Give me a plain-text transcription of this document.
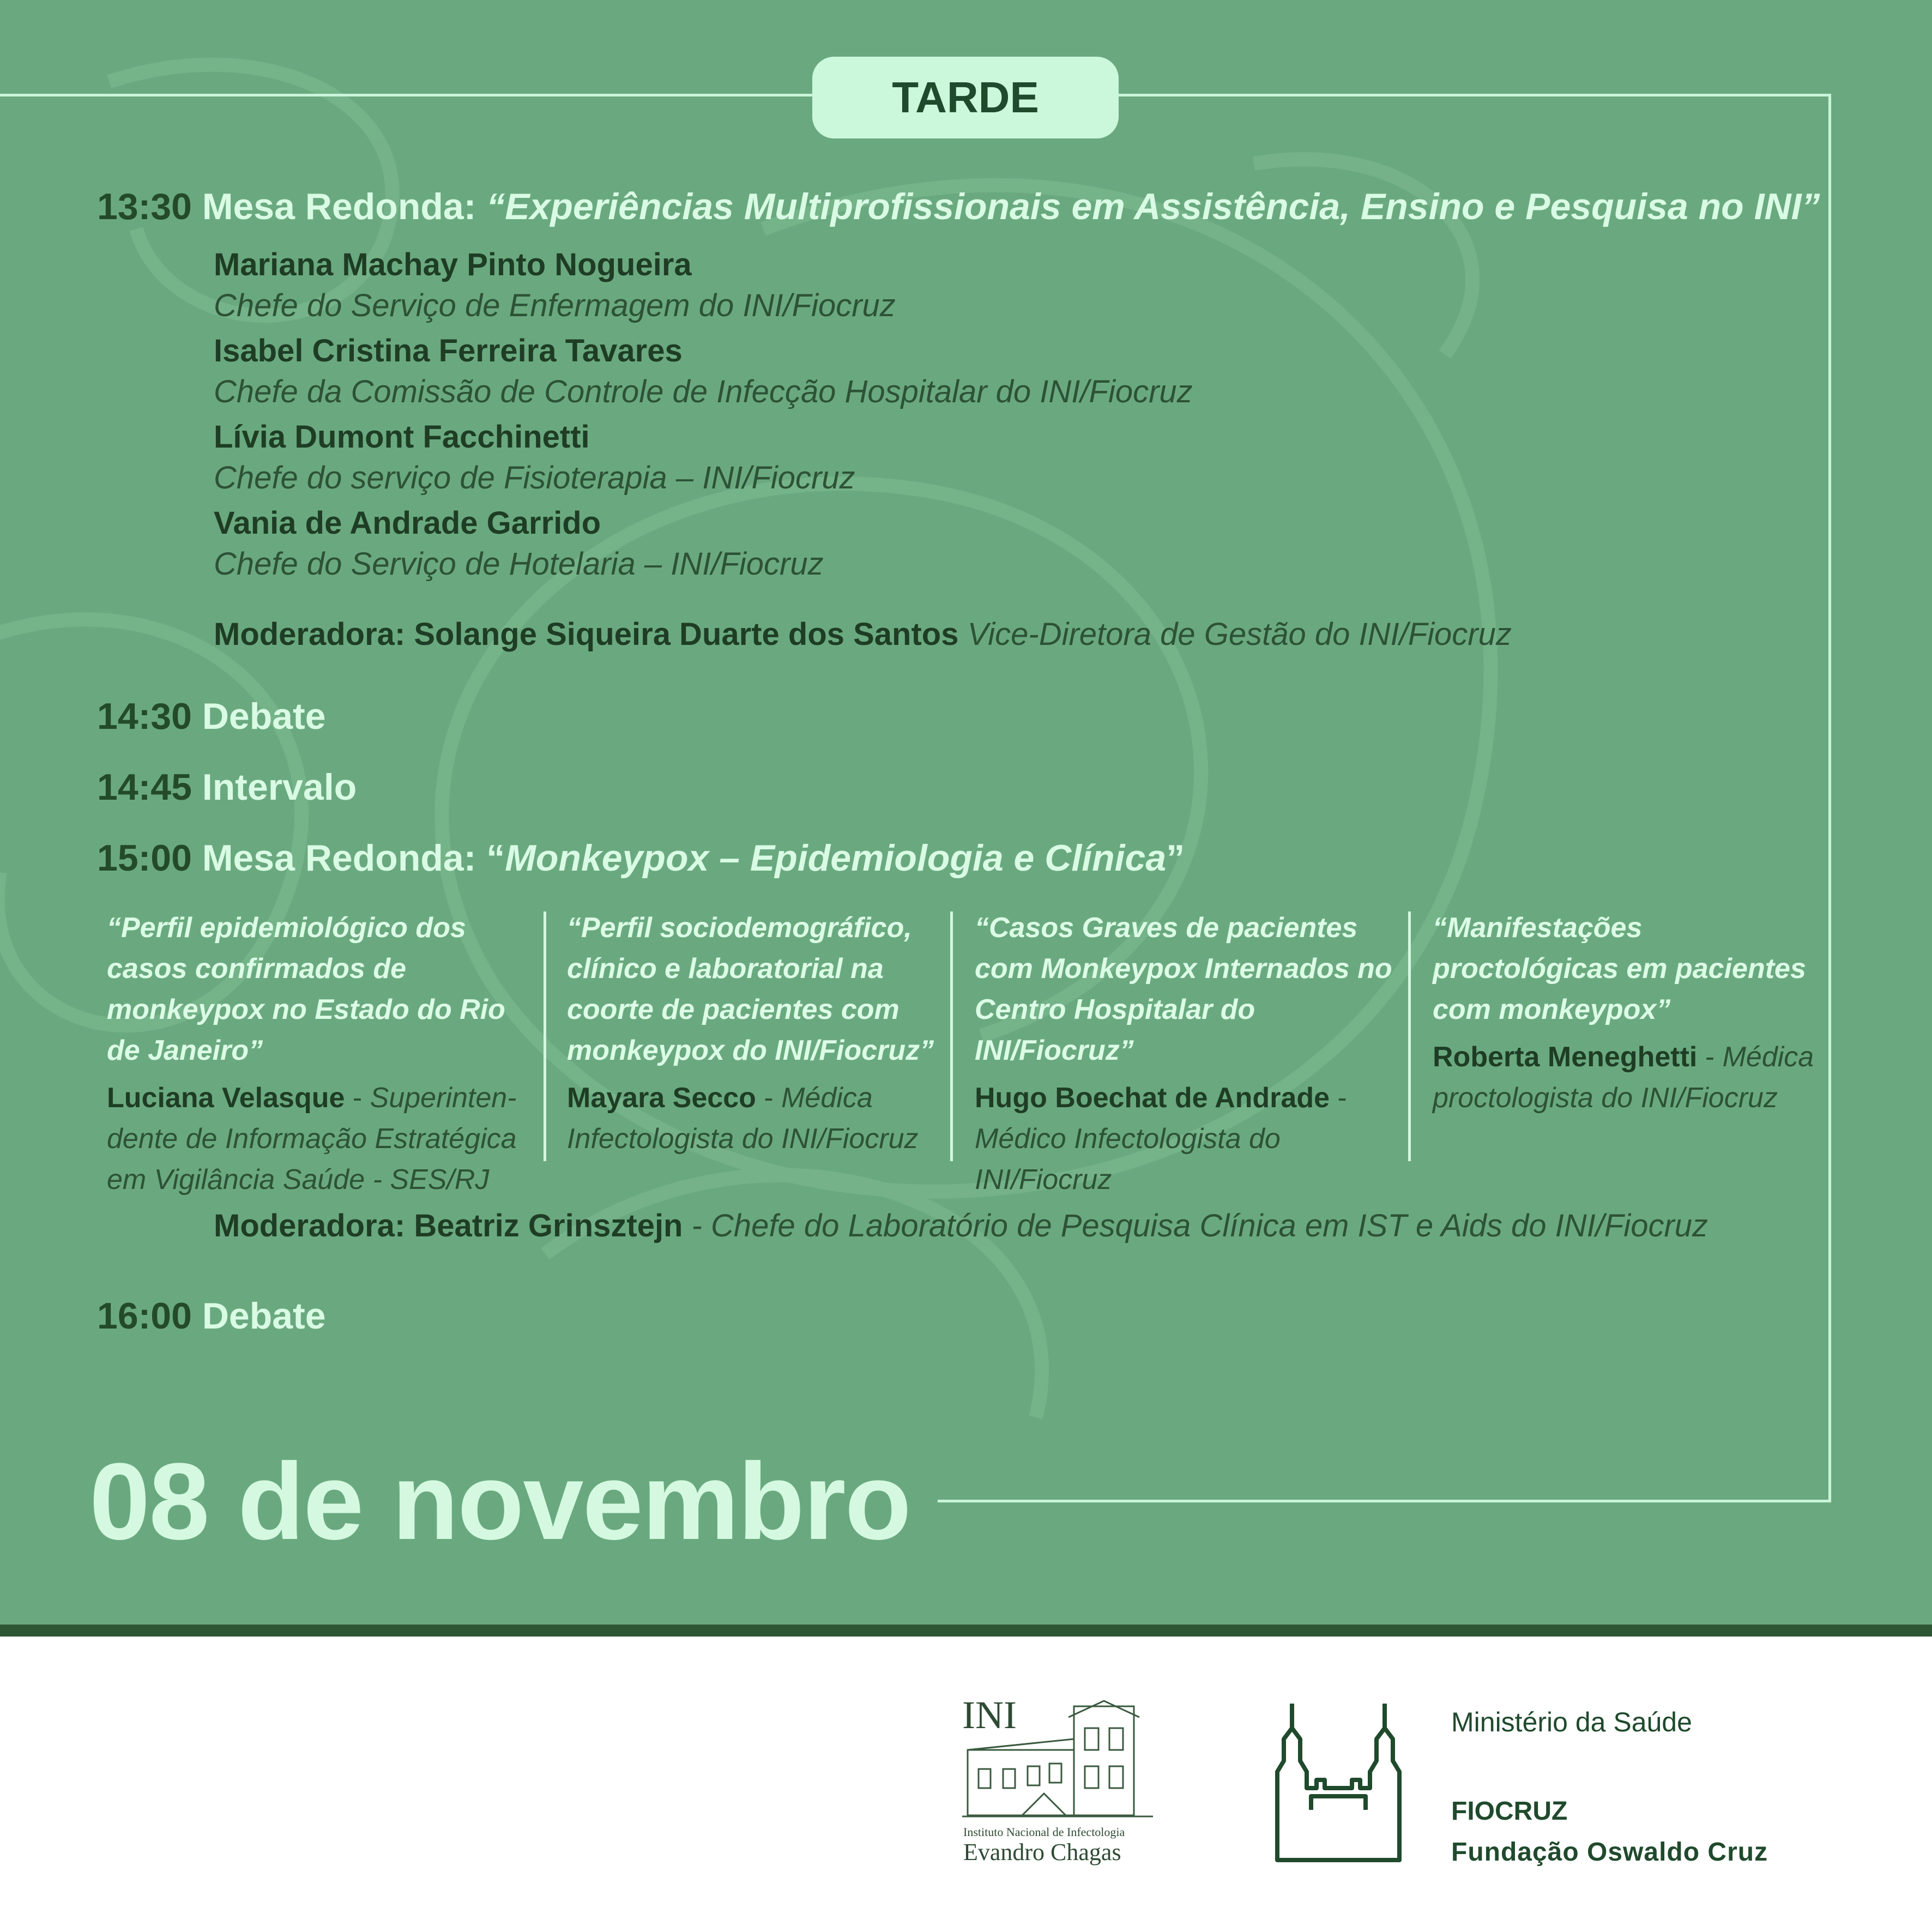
TARDE
13:30 Mesa Redonda: “Experiências Multiprofissionais em Assistência, Ensino e Pesquisa no INI”
Mariana Machay Pinto Nogueira
Chefe do Serviço de Enfermagem do INI/Fiocruz
Isabel Cristina Ferreira Tavares
Chefe da Comissão de Controle de Infecção Hospitalar do INI/Fiocruz
Lívia Dumont Facchinetti
Chefe do serviço de Fisioterapia – INI/Fiocruz
Vania de Andrade Garrido
Chefe do Serviço de Hotelaria – INI/Fiocruz
Moderadora: Solange Siqueira Duarte dos Santos Vice-Diretora de Gestão do INI/Fiocruz
14:30 Debate
14:45 Intervalo
15:00 Mesa Redonda: “Monkeypox – Epidemiologia e Clínica”
“Perfil epidemiológico dos casos confirmados de monkeypox no Estado do Rio de Janeiro”
Luciana Velasque - Superinten-dente de Informação Estratégica em Vigilância Saúde - SES/RJ
“Perfil sociodemográfico, clínico e laboratorial na coorte de pacientes com monkeypox do INI/Fiocruz”
Mayara Secco - Médica Infectologista do INI/Fiocruz
“Casos Graves de pacientes com Monkeypox Internados no Centro Hospitalar do INI/Fiocruz”
Hugo Boechat de Andrade - Médico Infectologista do INI/Fiocruz
“Manifestações proctológicas em pacientes com monkeypox”
Roberta Meneghetti - Médica proctologista do INI/Fiocruz
Moderadora: Beatriz Grinsztejn - Chefe do Laboratório de Pesquisa Clínica em IST e Aids do INI/Fiocruz
16:00 Debate
08 de novembro
INI
Instituto Nacional de Infectologia
Evandro Chagas
Ministério da Saúde
FIOCRUZ
Fundação Oswaldo Cruz
